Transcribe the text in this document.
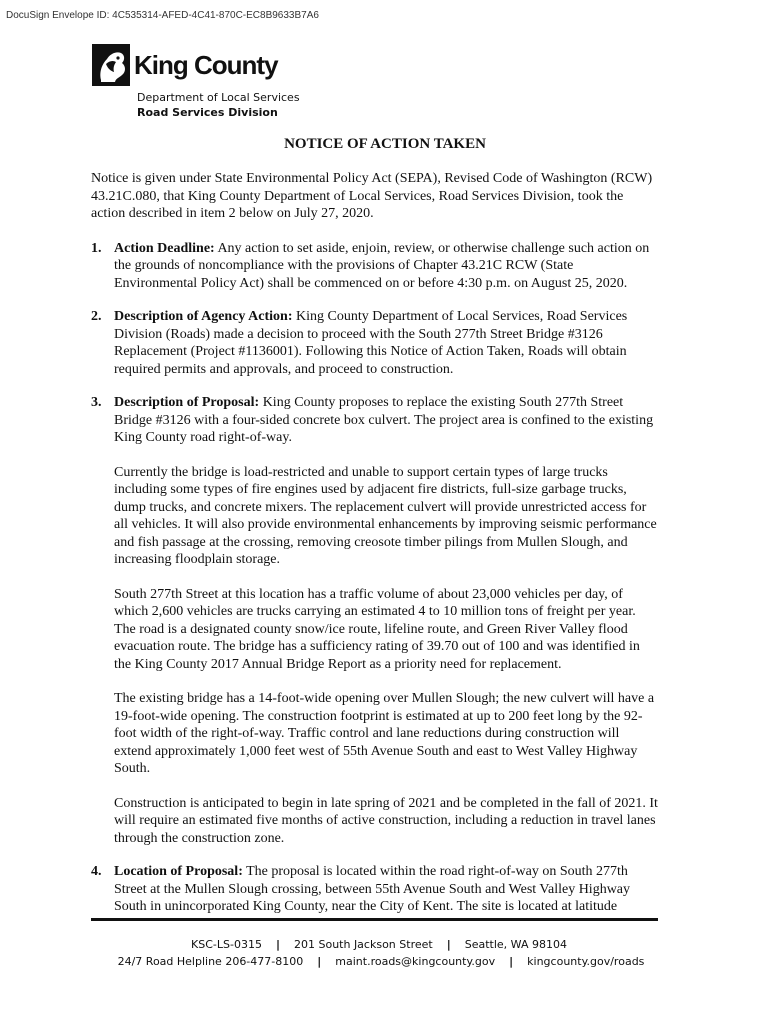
DocuSign Envelope ID: 4C535314-AFED-4C41-870C-EC8B9633B7A6
King County
Department of Local Services
Road Services Division
NOTICE OF ACTION TAKEN

Notice is given under State Environmental Policy Act (SEPA), Revised Code of Washington (RCW) 43.21C.080, that King County Department of Local Services, Road Services Division, took the action described in item 2 below on July 27, 2020.

1. Action Deadline: Any action to set aside, enjoin, review, or otherwise challenge such action on the grounds of noncompliance with the provisions of Chapter 43.21C RCW (State Environmental Policy Act) shall be commenced on or before 4:30 p.m. on August 25, 2020.

2. Description of Agency Action: King County Department of Local Services, Road Services Division (Roads) made a decision to proceed with the South 277th Street Bridge #3126 Replacement (Project #1136001). Following this Notice of Action Taken, Roads will obtain required permits and approvals, and proceed to construction.

3. Description of Proposal: King County proposes to replace the existing South 277th Street Bridge #3126 with a four-sided concrete box culvert. The project area is confined to the existing King County road right-of-way.

Currently the bridge is load-restricted and unable to support certain types of large trucks including some types of fire engines used by adjacent fire districts, full-size garbage trucks, dump trucks, and concrete mixers. The replacement culvert will provide unrestricted access for all vehicles. It will also provide environmental enhancements by improving seismic performance and fish passage at the crossing, removing creosote timber pilings from Mullen Slough, and increasing floodplain storage.

South 277th Street at this location has a traffic volume of about 23,000 vehicles per day, of which 2,600 vehicles are trucks carrying an estimated 4 to 10 million tons of freight per year. The road is a designated county snow/ice route, lifeline route, and Green River Valley flood evacuation route. The bridge has a sufficiency rating of 39.70 out of 100 and was identified in the King County 2017 Annual Bridge Report as a priority need for replacement.

The existing bridge has a 14-foot-wide opening over Mullen Slough; the new culvert will have a 19-foot-wide opening. The construction footprint is estimated at up to 200 feet long by the 92-foot width of the right-of-way. Traffic control and lane reductions during construction will extend approximately 1,000 feet west of 55th Avenue South and east to West Valley Highway South.

Construction is anticipated to begin in late spring of 2021 and be completed in the fall of 2021. It will require an estimated five months of active construction, including a reduction in travel lanes through the construction zone.

4. Location of Proposal: The proposal is located within the road right-of-way on South 277th Street at the Mullen Slough crossing, between 55th Avenue South and West Valley Highway South in unincorporated King County, near the City of Kent. The site is located at latitude

KSC-LS-0315 | 201 South Jackson Street | Seattle, WA 98104
24/7 Road Helpline 206-477-8100 | maint.roads@kingcounty.gov | kingcounty.gov/roads
